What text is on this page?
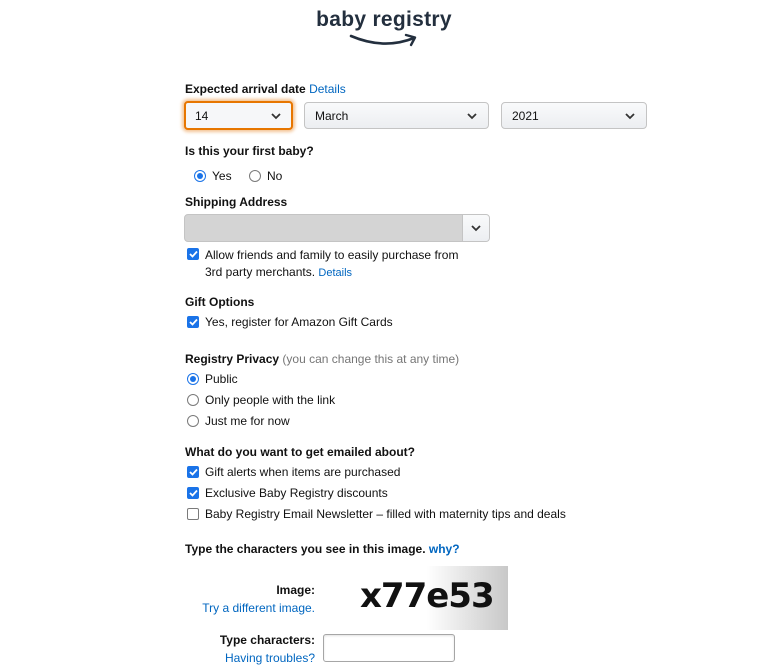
baby registry
Expected arrival date Details
14	March	2021
Is this your first baby?
Yes	No
Shipping Address
Allow friends and family to easily purchase from
3rd party merchants. Details
Gift Options
Yes, register for Amazon Gift Cards
Registry Privacy (you can change this at any time)
Public
Only people with the link
Just me for now
What do you want to get emailed about?
Gift alerts when items are purchased
Exclusive Baby Registry discounts
Baby Registry Email Newsletter – filled with maternity tips and deals
Type the characters you see in this image. why?
Image:
Try a different image. x77e53
Type characters:
Having troubles?
